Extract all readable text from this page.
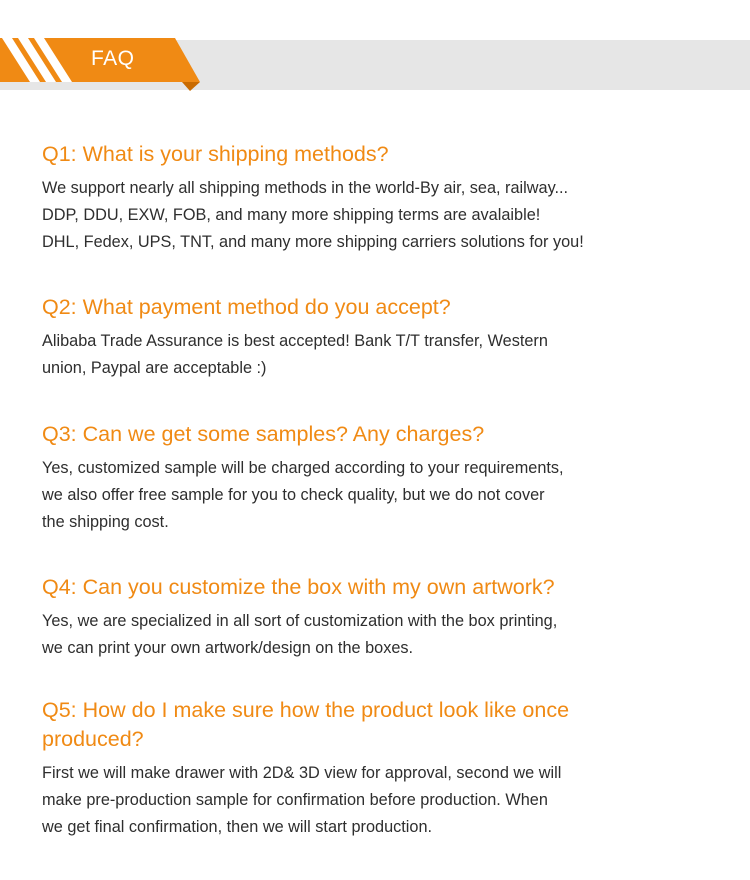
FAQ
Q1: What is your shipping methods?

We support nearly all shipping methods in the world-By air, sea, railway...
DDP, DDU, EXW, FOB, and many more shipping terms are avalaible!
DHL, Fedex, UPS, TNT, and many more shipping carriers solutions for you!

Q2: What payment method do you accept?

Alibaba Trade Assurance is best accepted! Bank T/T transfer, Western
union, Paypal are acceptable :)

Q3: Can we get some samples? Any charges?

Yes, customized sample will be charged according to your requirements,
we also offer free sample for you to check quality, but we do not cover
the shipping cost.

Q4: Can you customize the box with my own artwork?

Yes, we are specialized in all sort of customization with the box printing,
we can print your own artwork/design on the boxes.

Q5: How do I make sure how the product look like once
produced?

First we will make drawer with 2D& 3D view for approval, second we will
make pre-production sample for confirmation before production. When
we get final confirmation, then we will start production.
